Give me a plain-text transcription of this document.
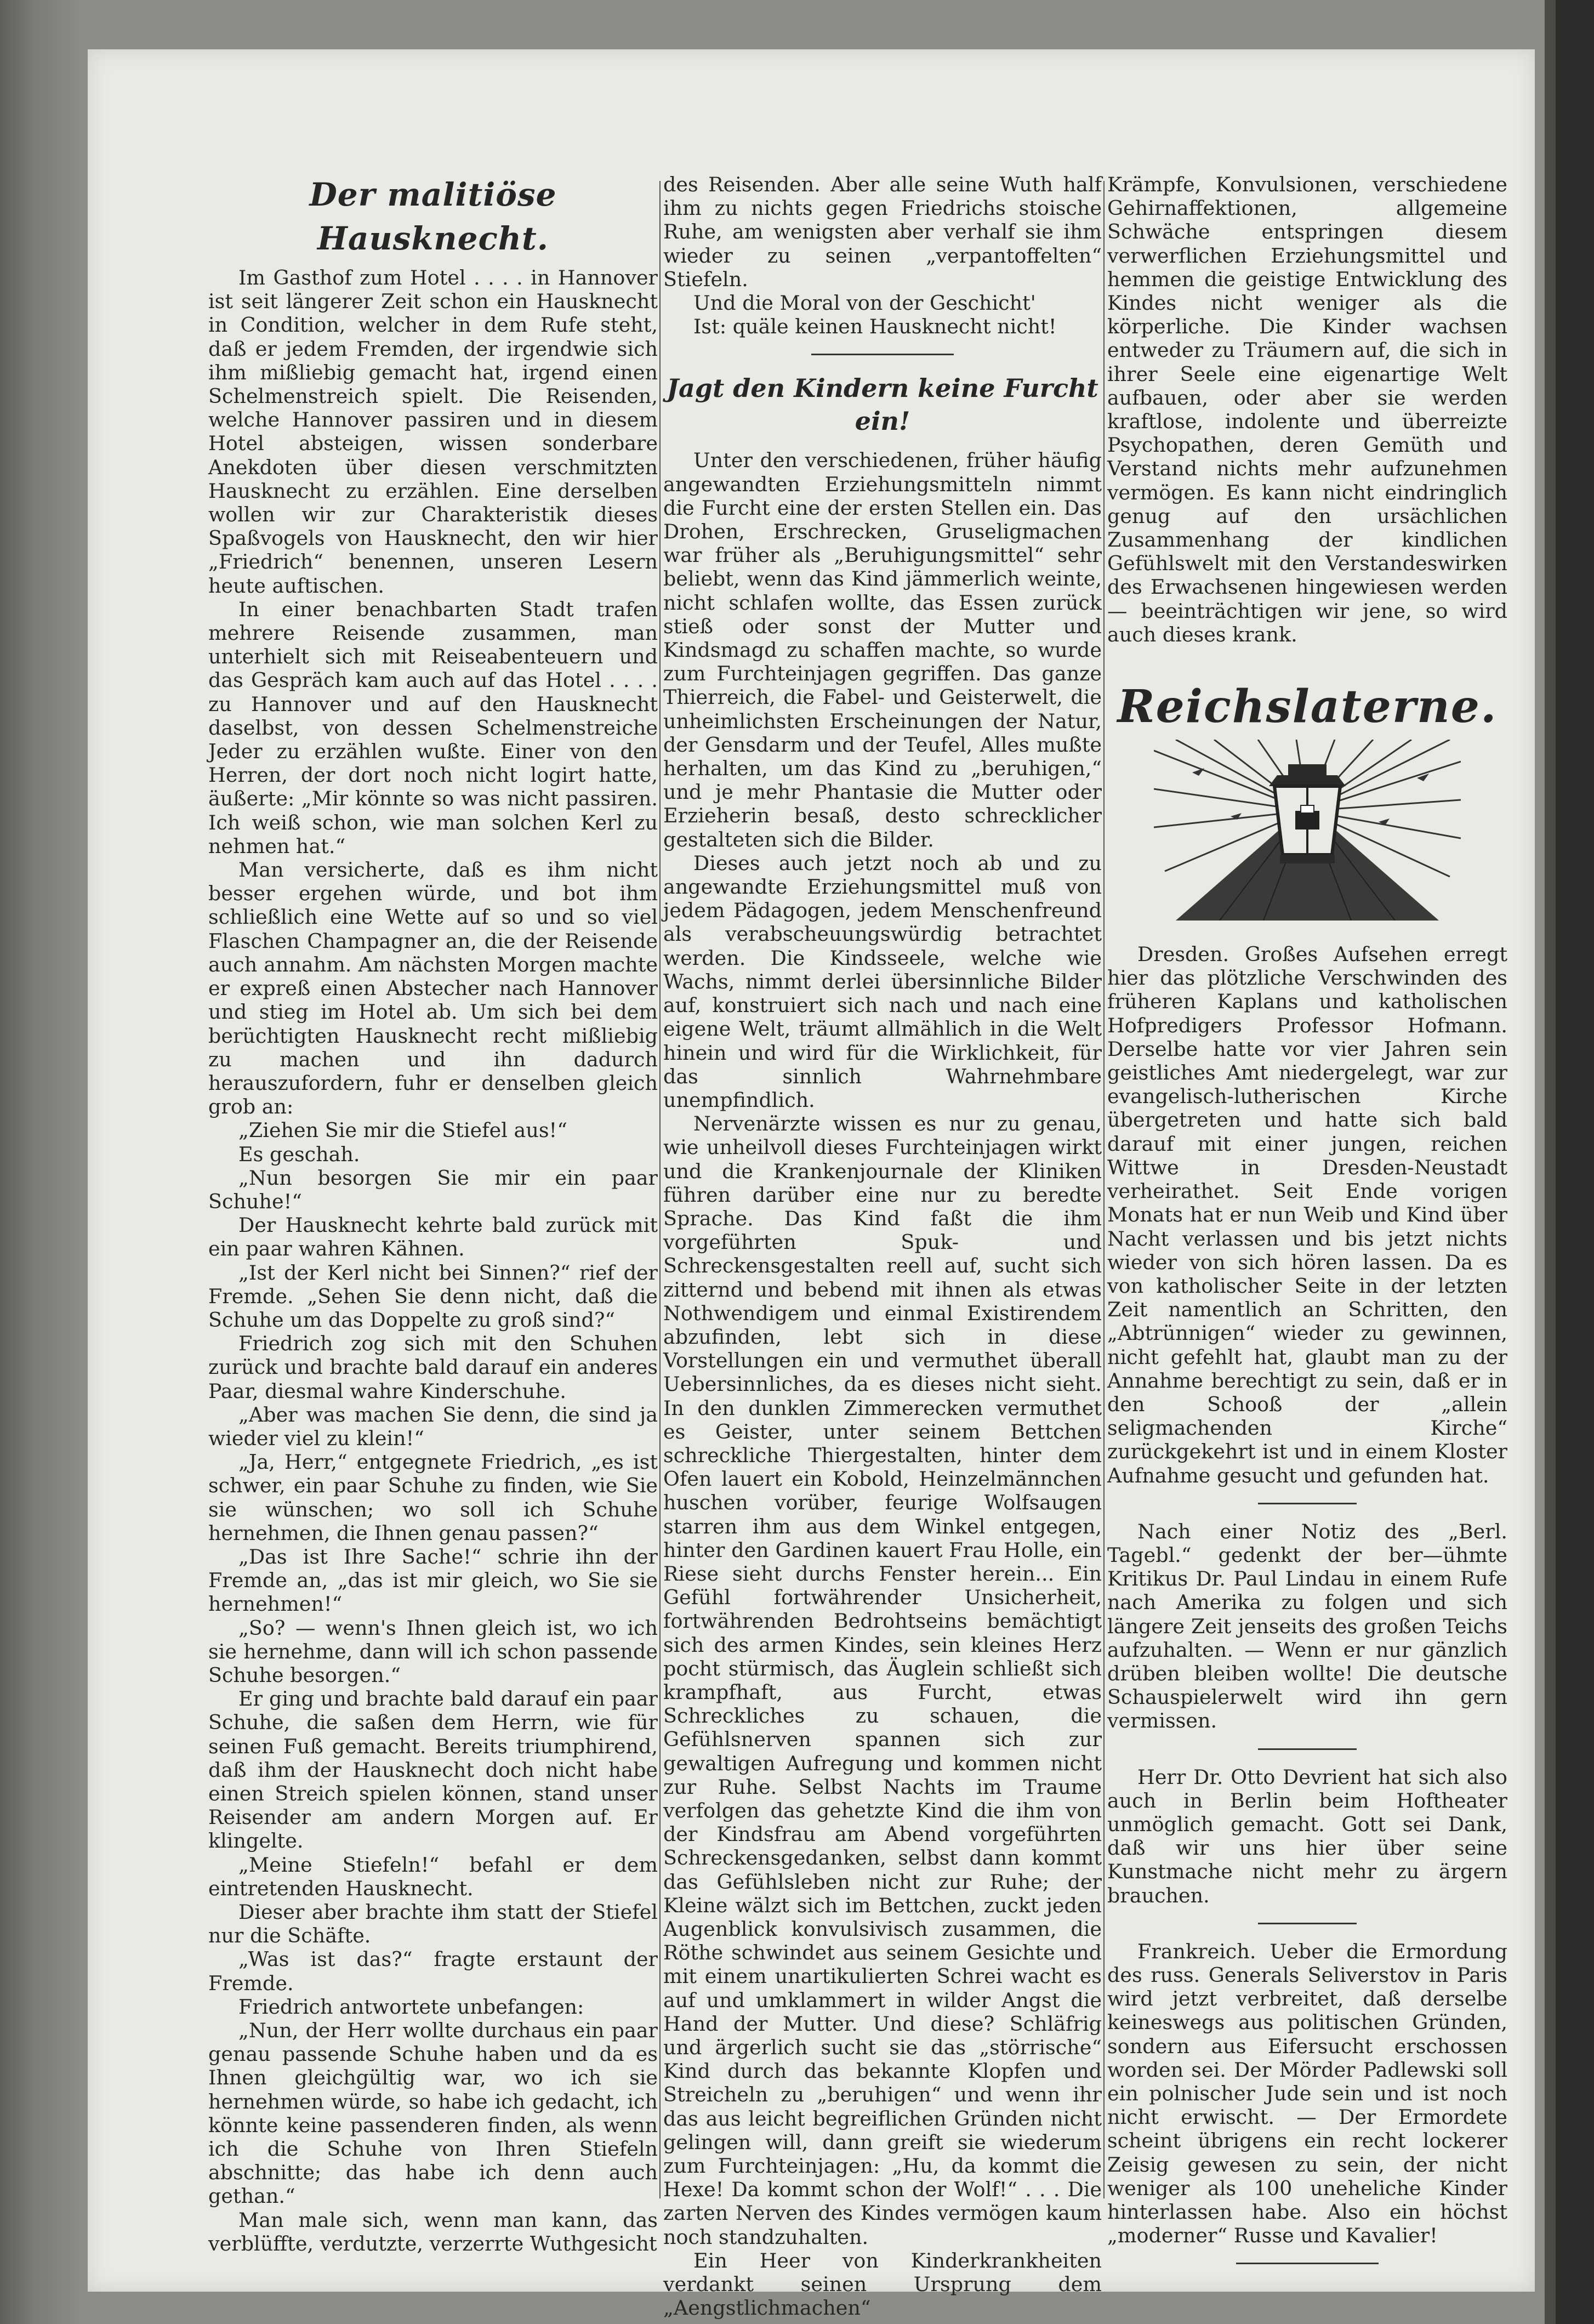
Der malitiöse Hausknecht.

Im Gasthof zum Hotel . . . . in Hannover ist seit längerer Zeit schon ein Hausknecht in Condition, welcher in dem Rufe steht, daß er jedem Fremden, der irgendwie sich ihm mißliebig gemacht hat, irgend einen Schelmenstreich spielt. Die Reisenden, welche Hannover passiren und in diesem Hotel absteigen, wissen sonderbare Anekdoten über diesen verschmitzten Hausknecht zu erzählen. Eine derselben wollen wir zur Charakteristik dieses Spaßvogels von Hausknecht, den wir hier „Friedrich“ benennen, unseren Lesern heute auftischen.

In einer benachbarten Stadt trafen mehrere Reisende zusammen, man unterhielt sich mit Reiseabenteuern und das Gespräch kam auch auf das Hotel . . . . zu Hannover und auf den Hausknecht daselbst, von dessen Schelmenstreiche Jeder zu erzählen wußte. Einer von den Herren, der dort noch nicht logirt hatte, äußerte: „Mir könnte so was nicht passiren. Ich weiß schon, wie man solchen Kerl zu nehmen hat.“

Man versicherte, daß es ihm nicht besser ergehen würde, und bot ihm schließlich eine Wette auf so und so viel Flaschen Champagner an, die der Reisende auch annahm. Am nächsten Morgen machte er expreß einen Abstecher nach Hannover und stieg im Hotel ab. Um sich bei dem berüchtigten Hausknecht recht mißliebig zu machen und ihn dadurch herauszufordern, fuhr er denselben gleich grob an:

„Ziehen Sie mir die Stiefel aus!“

Es geschah.

„Nun besorgen Sie mir ein paar Schuhe!“

Der Hausknecht kehrte bald zurück mit ein paar wahren Kähnen.

„Ist der Kerl nicht bei Sinnen?“ rief der Fremde. „Sehen Sie denn nicht, daß die Schuhe um das Doppelte zu groß sind?“

Friedrich zog sich mit den Schuhen zurück und brachte bald darauf ein anderes Paar, diesmal wahre Kinderschuhe.

„Aber was machen Sie denn, die sind ja wieder viel zu klein!“

„Ja, Herr,“ entgegnete Friedrich, „es ist schwer, ein paar Schuhe zu finden, wie Sie sie wünschen; wo soll ich Schuhe hernehmen, die Ihnen genau passen?“

„Das ist Ihre Sache!“ schrie ihn der Fremde an, „das ist mir gleich, wo Sie sie hernehmen!“

„So? — wenn's Ihnen gleich ist, wo ich sie hernehme, dann will ich schon passende Schuhe besorgen.“

Er ging und brachte bald darauf ein paar Schuhe, die saßen dem Herrn, wie für seinen Fuß gemacht. Bereits triumphirend, daß ihm der Hausknecht doch nicht habe einen Streich spielen können, stand unser Reisender am andern Morgen auf. Er klingelte.

„Meine Stiefeln!“ befahl er dem eintretenden Hausknecht.

Dieser aber brachte ihm statt der Stiefel nur die Schäfte.

„Was ist das?“ fragte erstaunt der Fremde.

Friedrich antwortete unbefangen:

„Nun, der Herr wollte durchaus ein paar genau passende Schuhe haben und da es Ihnen gleichgültig war, wo ich sie hernehmen würde, so habe ich gedacht, ich könnte keine passenderen finden, als wenn ich die Schuhe von Ihren Stiefeln abschnitte; das habe ich denn auch gethan.“

Man male sich, wenn man kann, das verblüffte, verdutzte, verzerrte Wuthgesicht

des Reisenden. Aber alle seine Wuth half ihm zu nichts gegen Friedrichs stoische Ruhe, am wenigsten aber verhalf sie ihm wieder zu seinen „verpantoffelten“ Stiefeln.

Und die Moral von der Geschicht'

Ist: quäle keinen Hausknecht nicht!

Jagt den Kindern keine Furcht ein!

Unter den verschiedenen, früher häufig angewandten Erziehungsmitteln nimmt die Furcht eine der ersten Stellen ein. Das Drohen, Erschrecken, Gruseligmachen war früher als „Beruhigungsmittel“ sehr beliebt, wenn das Kind jämmerlich weinte, nicht schlafen wollte, das Essen zurück stieß oder sonst der Mutter und Kindsmagd zu schaffen machte, so wurde zum Furchteinjagen gegriffen. Das ganze Thierreich, die Fabel- und Geisterwelt, die unheimlichsten Erscheinungen der Natur, der Gensdarm und der Teufel, Alles mußte herhalten, um das Kind zu „beruhigen,“ und je mehr Phantasie die Mutter oder Erzieherin besaß, desto schrecklicher gestalteten sich die Bilder.

Dieses auch jetzt noch ab und zu angewandte Erziehungsmittel muß von jedem Pädagogen, jedem Menschenfreund als verabscheuungswürdig betrachtet werden. Die Kindsseele, welche wie Wachs, nimmt derlei übersinnliche Bilder auf, konstruiert sich nach und nach eine eigene Welt, träumt allmählich in die Welt hinein und wird für die Wirklichkeit, für das sinnlich Wahrnehmbare unempfindlich.

Nervenärzte wissen es nur zu genau, wie unheilvoll dieses Furchteinjagen wirkt und die Krankenjournale der Kliniken führen darüber eine nur zu beredte Sprache. Das Kind faßt die ihm vorgeführten Spuk- und Schreckensgestalten reell auf, sucht sich zitternd und bebend mit ihnen als etwas Nothwendigem und einmal Existirendem abzufinden, lebt sich in diese Vorstellungen ein und vermuthet überall Uebersinnliches, da es dieses nicht sieht. In den dunklen Zimmerecken vermuthet es Geister, unter seinem Bettchen schreckliche Thiergestalten, hinter dem Ofen lauert ein Kobold, Heinzelmännchen huschen vorüber, feurige Wolfsaugen starren ihm aus dem Winkel entgegen, hinter den Gardinen kauert Frau Holle, ein Riese sieht durchs Fenster herein... Ein Gefühl fortwährender Unsicherheit, fortwährenden Bedrohtseins bemächtigt sich des armen Kindes, sein kleines Herz pocht stürmisch, das Äuglein schließt sich krampfhaft, aus Furcht, etwas Schreckliches zu schauen, die Gefühlsnerven spannen sich zur gewaltigen Aufregung und kommen nicht zur Ruhe. Selbst Nachts im Traume verfolgen das gehetzte Kind die ihm von der Kindsfrau am Abend vorgeführten Schreckensgedanken, selbst dann kommt das Gefühlsleben nicht zur Ruhe; der Kleine wälzt sich im Bettchen, zuckt jeden Augenblick konvulsivisch zusammen, die Röthe schwindet aus seinem Gesichte und mit einem unartikulierten Schrei wacht es auf und umklammert in wilder Angst die Hand der Mutter. Und diese? Schläfrig und ärgerlich sucht sie das „störrische“ Kind durch das bekannte Klopfen und Streicheln zu „beruhigen“ und wenn ihr das aus leicht begreiflichen Gründen nicht gelingen will, dann greift sie wiederum zum Furchteinjagen: „Hu, da kommt die Hexe! Da kommt schon der Wolf!“ . . . Die zarten Nerven des Kindes vermögen kaum noch standzuhalten.

Ein Heer von Kinderkrankheiten verdankt seinen Ursprung dem „Aengstlichmachen“

Krämpfe, Konvulsionen, verschiedene Gehirnaffektionen, allgemeine Schwäche entspringen diesem verwerflichen Erziehungsmittel und hemmen die geistige Entwicklung des Kindes nicht weniger als die körperliche. Die Kinder wachsen entweder zu Träumern auf, die sich in ihrer Seele eine eigenartige Welt aufbauen, oder aber sie werden kraftlose, indolente und überreizte Psychopathen, deren Gemüth und Verstand nichts mehr aufzunehmen vermögen. Es kann nicht eindringlich genug auf den ursächlichen Zusammenhang der kindlichen Gefühlswelt mit den Verstandeswirken des Erwachsenen hingewiesen werden — beeinträchtigen wir jene, so wird auch dieses krank.

Reichslaterne.

Dresden. Großes Aufsehen erregt hier das plötzliche Verschwinden des früheren Kaplans und katholischen Hofpredigers Professor Hofmann. Derselbe hatte vor vier Jahren sein geistliches Amt niedergelegt, war zur evangelisch-lutherischen Kirche übergetreten und hatte sich bald darauf mit einer jungen, reichen Wittwe in Dresden-Neustadt verheirathet. Seit Ende vorigen Monats hat er nun Weib und Kind über Nacht verlassen und bis jetzt nichts wieder von sich hören lassen. Da es von katholischer Seite in der letzten Zeit namentlich an Schritten, den „Abtrünnigen“ wieder zu gewinnen, nicht gefehlt hat, glaubt man zu der Annahme berechtigt zu sein, daß er in den Schooß der „allein seligmachenden Kirche“ zurückgekehrt ist und in einem Kloster Aufnahme gesucht und gefunden hat.

Nach einer Notiz des „Berl. Tagebl.“ gedenkt der ber—ühmte Kritikus Dr. Paul Lindau in einem Rufe nach Amerika zu folgen und sich längere Zeit jenseits des großen Teichs aufzuhalten. — Wenn er nur gänzlich drüben bleiben wollte! Die deutsche Schauspielerwelt wird ihn gern vermissen.

Herr Dr. Otto Devrient hat sich also auch in Berlin beim Hoftheater unmöglich gemacht. Gott sei Dank, daß wir uns hier über seine Kunstmache nicht mehr zu ärgern brauchen.

Frankreich. Ueber die Ermordung des russ. Generals Seliverstov in Paris wird jetzt verbreitet, daß derselbe keineswegs aus politischen Gründen, sondern aus Eifersucht erschossen worden sei. Der Mörder Padlewski soll ein polnischer Jude sein und ist noch nicht erwischt. — Der Ermordete scheint übrigens ein recht lockerer Zeisig gewesen zu sein, der nicht weniger als 100 uneheliche Kinder hinterlassen habe. Also ein höchst „moderner“ Russe und Kavalier!
